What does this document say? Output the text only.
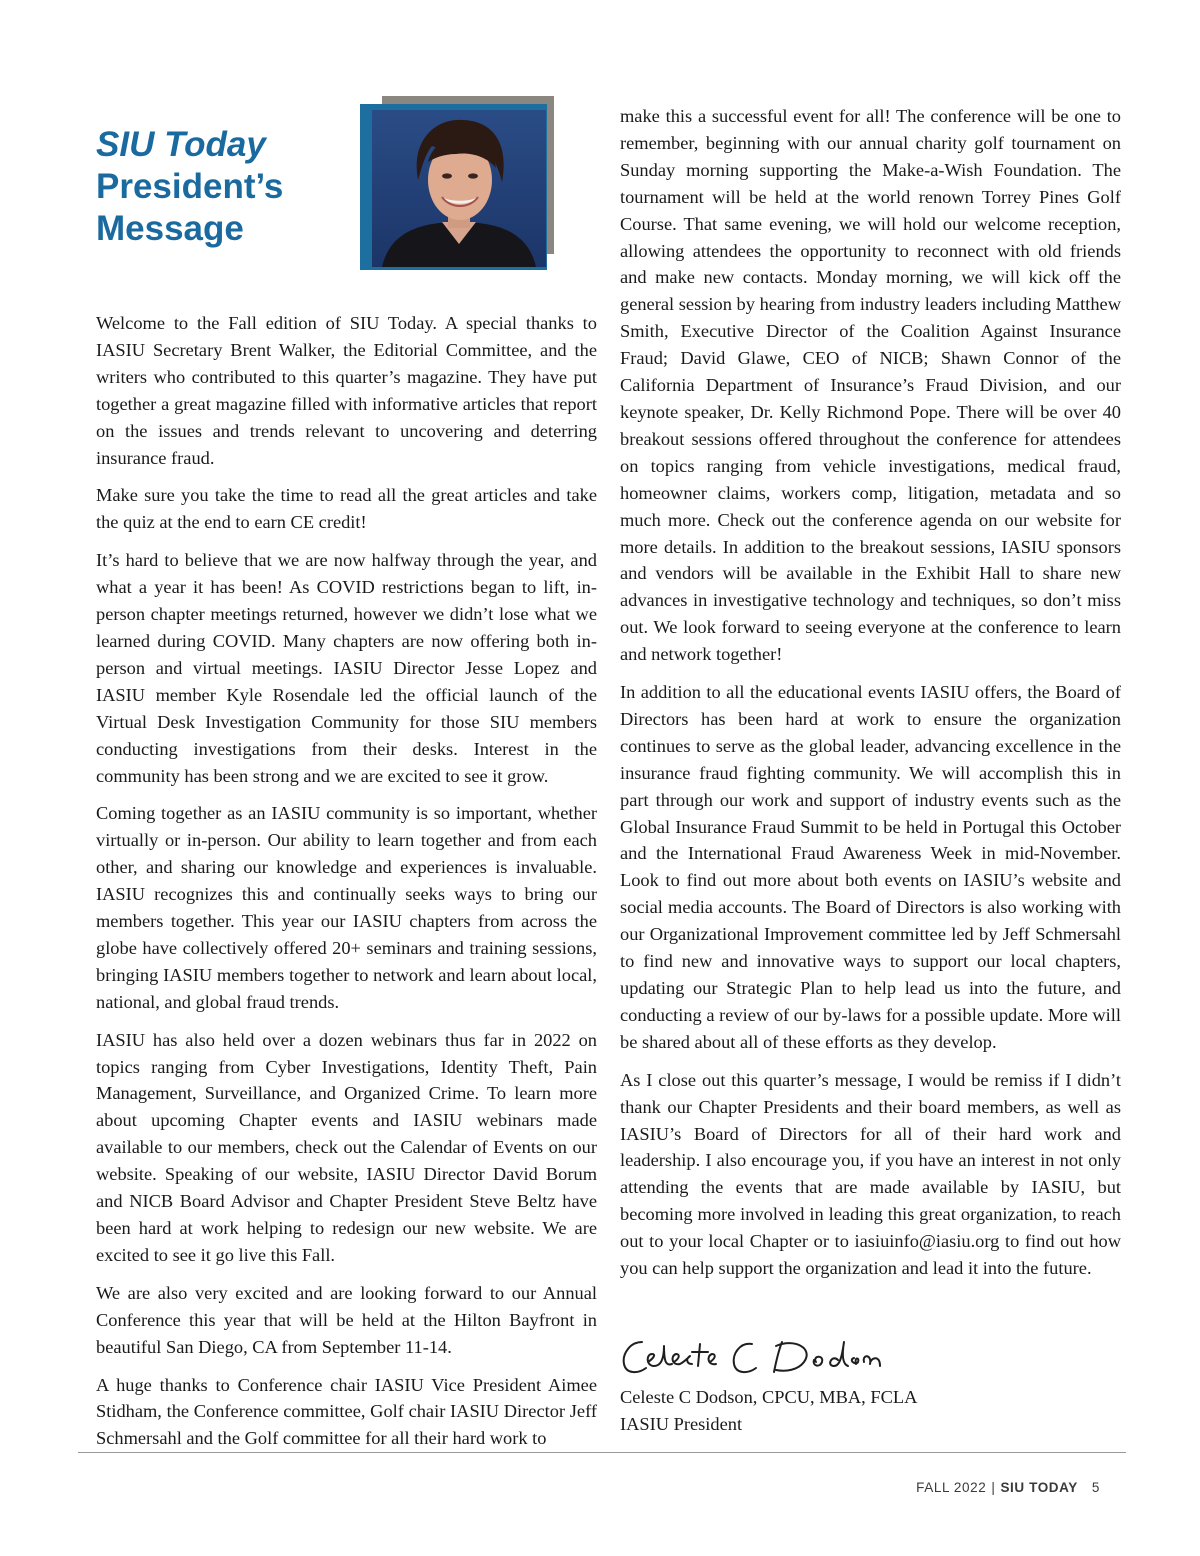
SIU Today
President’s
Message

Welcome to the Fall edition of SIU Today. A special thanks to IASIU Secretary Brent Walker, the Editorial Committee, and the writers who contributed to this quarter’s magazine. They have put together a great magazine filled with informative articles that report on the issues and trends relevant to uncovering and deterring insurance fraud.

Make sure you take the time to read all the great articles and take the quiz at the end to earn CE credit!

It’s hard to believe that we are now halfway through the year, and what a year it has been! As COVID restrictions began to lift, in-person chapter meetings returned, however we didn’t lose what we learned during COVID. Many chapters are now offering both in-person and virtual meetings. IASIU Director Jesse Lopez and IASIU member Kyle Rosendale led the official launch of the Virtual Desk Investigation Community for those SIU members conducting investigations from their desks. Interest in the community has been strong and we are excited to see it grow.

Coming together as an IASIU community is so important, whether virtually or in-person. Our ability to learn together and from each other, and sharing our knowledge and experiences is invaluable. IASIU recognizes this and continually seeks ways to bring our members together. This year our IASIU chapters from across the globe have collectively offered 20+ seminars and training sessions, bringing IASIU members together to network and learn about local, national, and global fraud trends.

IASIU has also held over a dozen webinars thus far in 2022 on topics ranging from Cyber Investigations, Identity Theft, Pain Management, Surveillance, and Organized Crime. To learn more about upcoming Chapter events and IASIU webinars made available to our members, check out the Calendar of Events on our website. Speaking of our website, IASIU Director David Borum and NICB Board Advisor and Chapter President Steve Beltz have been hard at work helping to redesign our new website. We are excited to see it go live this Fall.

We are also very excited and are looking forward to our Annual Conference this year that will be held at the Hilton Bayfront in beautiful San Diego, CA from September 11-14.

A huge thanks to Conference chair IASIU Vice President Aimee Stidham, the Conference committee, Golf chair IASIU Director Jeff Schmersahl and the Golf committee for all their hard work to

make this a successful event for all! The conference will be one to remember, beginning with our annual charity golf tournament on Sunday morning supporting the Make-a-Wish Foundation. The tournament will be held at the world renown Torrey Pines Golf Course. That same evening, we will hold our welcome reception, allowing attendees the opportunity to reconnect with old friends and make new contacts. Monday morning, we will kick off the general session by hearing from industry leaders including Matthew Smith, Executive Director of the Coalition Against Insurance Fraud; David Glawe, CEO of NICB; Shawn Connor of the California Department of Insurance’s Fraud Division, and our keynote speaker, Dr. Kelly Richmond Pope. There will be over 40 breakout sessions offered throughout the conference for attendees on topics ranging from vehicle investigations, medical fraud, homeowner claims, workers comp, litigation, metadata and so much more. Check out the conference agenda on our website for more details. In addition to the breakout sessions, IASIU sponsors and vendors will be available in the Exhibit Hall to share new advances in investigative technology and techniques, so don’t miss out. We look forward to seeing everyone at the conference to learn and network together!

In addition to all the educational events IASIU offers, the Board of Directors has been hard at work to ensure the organization continues to serve as the global leader, advancing excellence in the insurance fraud fighting community. We will accomplish this in part through our work and support of industry events such as the Global Insurance Fraud Summit to be held in Portugal this October and the International Fraud Awareness Week in mid-November. Look to find out more about both events on IASIU’s website and social media accounts. The Board of Directors is also working with our Organizational Improvement committee led by Jeff Schmersahl to find new and innovative ways to support our local chapters, updating our Strategic Plan to help lead us into the future, and conducting a review of our by-laws for a possible update. More will be shared about all of these efforts as they develop.

As I close out this quarter’s message, I would be remiss if I didn’t thank our Chapter Presidents and their board members, as well as IASIU’s Board of Directors for all of their hard work and leadership. I also encourage you, if you have an interest in not only attending the events that are made available by IASIU, but becoming more involved in leading this great organization, to reach out to your local Chapter or to iasiuinfo@iasiu.org to find out how you can help support the organization and lead it into the future.

Celeste C Dodson, CPCU, MBA, FCLA
IASIU President
FALL 2022 | SIU TODAY 5
